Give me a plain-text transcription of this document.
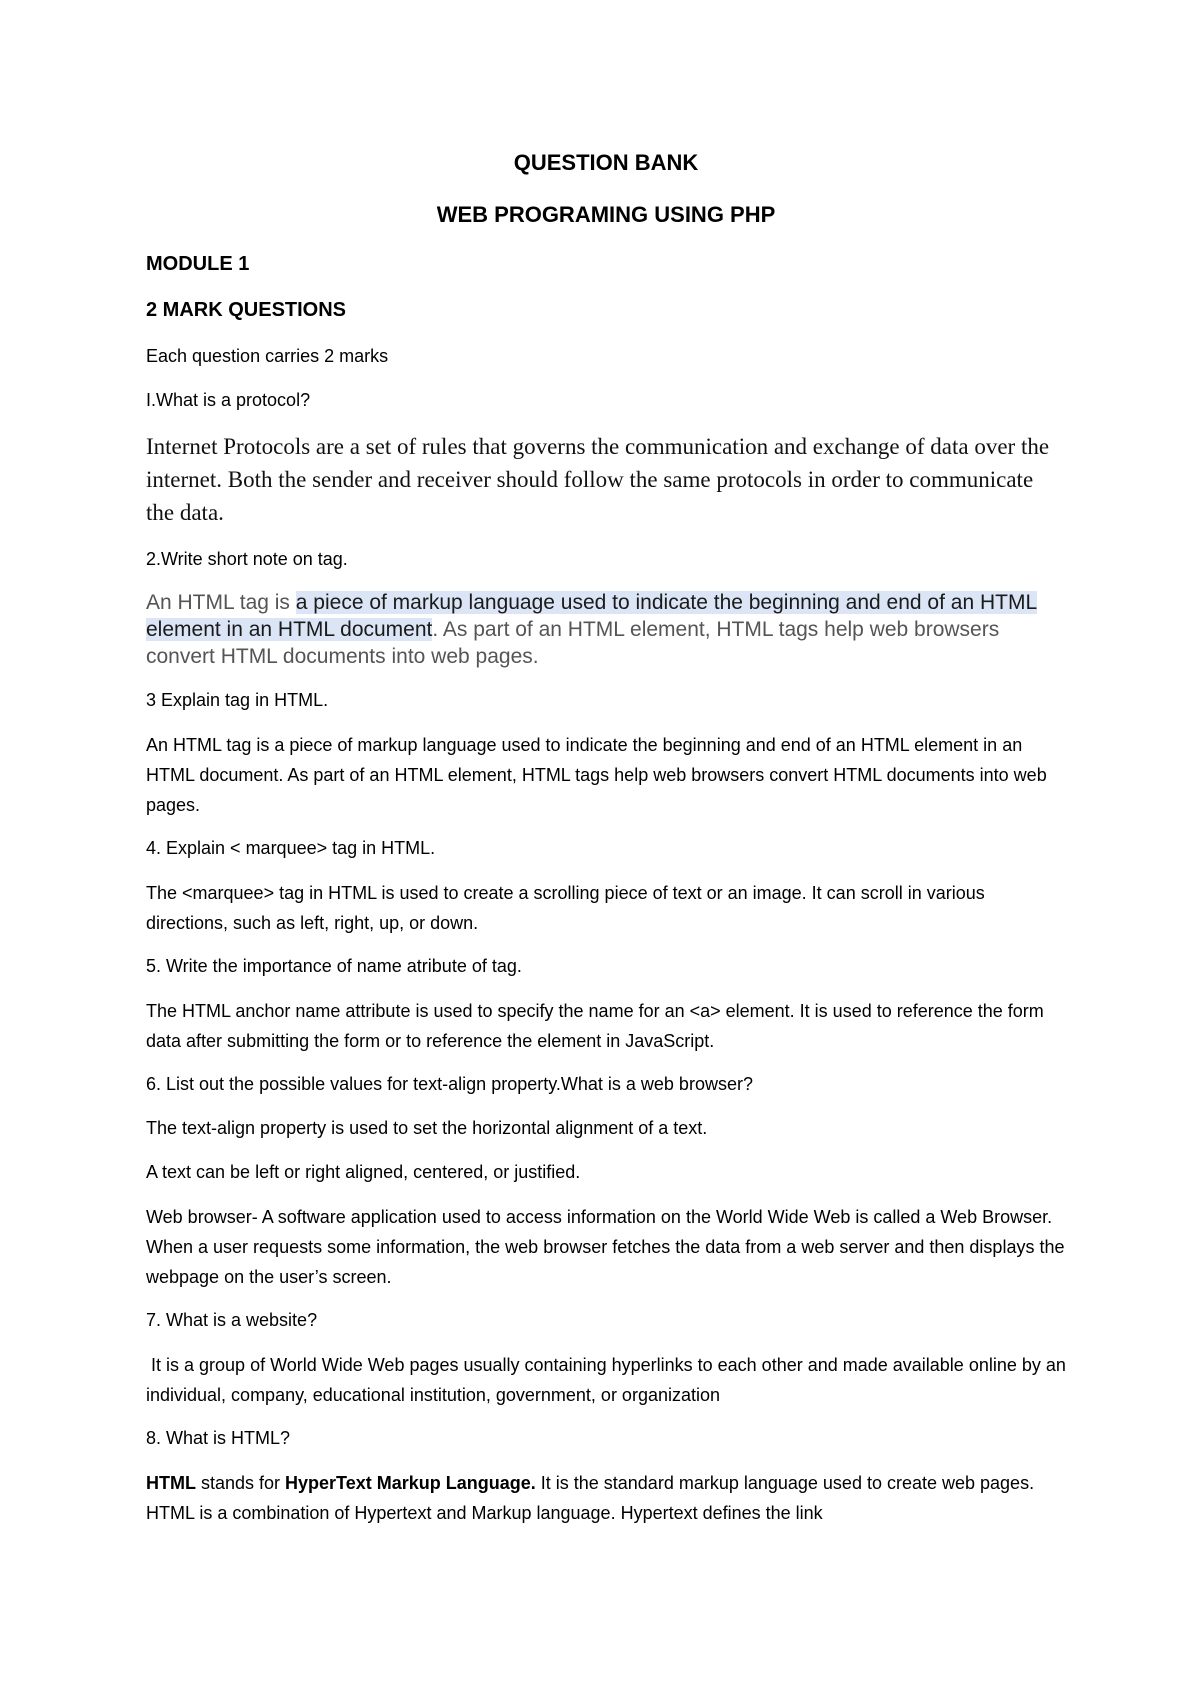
QUESTION BANK
WEB PROGRAMING USING PHP
MODULE 1
2 MARK QUESTIONS
Each question carries 2 marks
I.What is a protocol?
Internet Protocols are a set of rules that governs the communication and exchange of data over the internet. Both the sender and receiver should follow the same protocols in order to communicate the data.
2.Write short note on tag.
An HTML tag is a piece of markup language used to indicate the beginning and end of an HTML element in an HTML document. As part of an HTML element, HTML tags help web browsers convert HTML documents into web pages.
3 Explain tag in HTML.
An HTML tag is a piece of markup language used to indicate the beginning and end of an HTML element in an HTML document. As part of an HTML element, HTML tags help web browsers convert HTML documents into web pages.
4. Explain < marquee> tag in HTML.
The <marquee> tag in HTML is used to create a scrolling piece of text or an image. It can scroll in various directions, such as left, right, up, or down.
5. Write the importance of name atribute of tag.
The HTML anchor name attribute is used to specify the name for an <a> element. It is used to reference the form data after submitting the form or to reference the element in JavaScript.
6. List out the possible values for text-align property.What is a web browser?
The text-align property is used to set the horizontal alignment of a text.
A text can be left or right aligned, centered, or justified.
Web browser- A software application used to access information on the World Wide Web is called a Web Browser. When a user requests some information, the web browser fetches the data from a web server and then displays the webpage on the user’s screen.
7. What is a website?
It is a group of World Wide Web pages usually containing hyperlinks to each other and made available online by an individual, company, educational institution, government, or organization
8. What is HTML?
HTML stands for HyperText Markup Language. It is the standard markup language used to create web pages. HTML is a combination of Hypertext and Markup language. Hypertext defines the link
